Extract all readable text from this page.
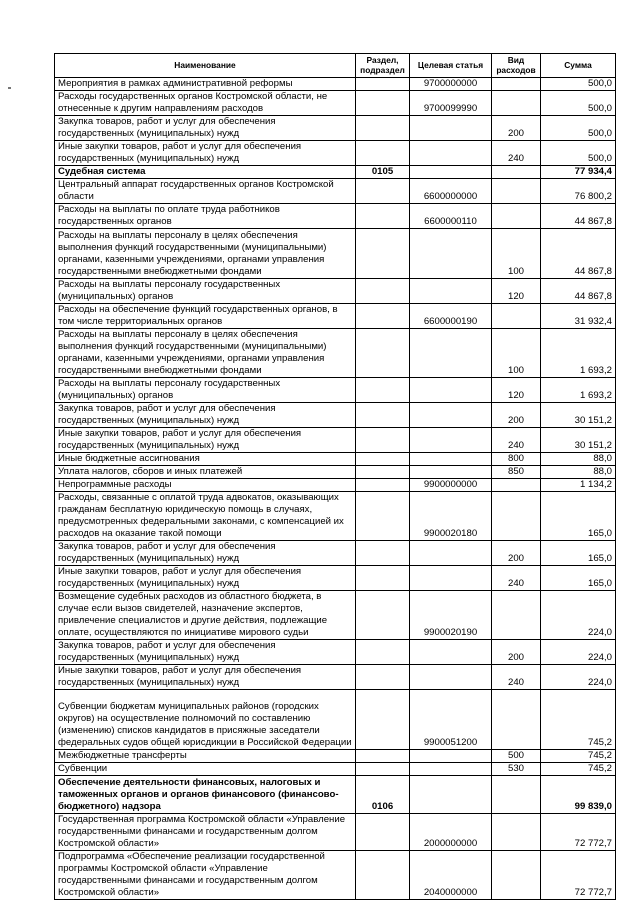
Наименование	Раздел, подраздел	Целевая статья	Вид расходов	Сумма
Мероприятия в рамках административной реформы		9700000000		500,0
Расходы государственных органов Костромской области, не отнесенные к другим направлениям расходов		9700099990		500,0
Закупка товаров, работ и услуг для обеспечения государственных (муниципальных) нужд			200	500,0
Иные закупки товаров, работ и услуг для обеспечения государственных (муниципальных) нужд			240	500,0
Судебная система	0105			77 934,4
Центральный аппарат государственных органов Костромской области		6600000000		76 800,2
Расходы на выплаты по оплате труда работников государственных органов		6600000110		44 867,8
Расходы на выплаты персоналу в целях обеспечения выполнения функций государственными (муниципальными) органами, казенными учреждениями, органами управления государственными внебюджетными фондами			100	44 867,8
Расходы на выплаты персоналу государственных (муниципальных) органов			120	44 867,8
Расходы на обеспечение функций государственных органов, в том числе территориальных органов		6600000190		31 932,4
Расходы на выплаты персоналу в целях обеспечения выполнения функций государственными (муниципальными) органами, казенными учреждениями, органами управления государственными внебюджетными фондами			100	1 693,2
Расходы на выплаты персоналу государственных (муниципальных) органов			120	1 693,2
Закупка товаров, работ и услуг для обеспечения государственных (муниципальных) нужд			200	30 151,2
Иные закупки товаров, работ и услуг для обеспечения государственных (муниципальных) нужд			240	30 151,2
Иные бюджетные ассигнования			800	88,0
Уплата налогов, сборов и иных платежей			850	88,0
Непрограммные расходы		9900000000		1 134,2
Расходы, связанные с оплатой труда адвокатов, оказывающих гражданам бесплатную юридическую помощь в случаях, предусмотренных федеральными законами, с компенсацией их расходов на оказание такой помощи		9900020180		165,0
Закупка товаров, работ и услуг для обеспечения государственных (муниципальных) нужд			200	165,0
Иные закупки товаров, работ и услуг для обеспечения государственных (муниципальных) нужд			240	165,0
Возмещение судебных расходов из областного бюджета, в случае если вызов свидетелей, назначение экспертов, привлечение специалистов и другие действия, подлежащие оплате, осуществляются по инициативе мирового судьи		9900020190		224,0
Закупка товаров, работ и услуг для обеспечения государственных (муниципальных) нужд			200	224,0
Иные закупки товаров, работ и услуг для обеспечения государственных (муниципальных) нужд			240	224,0
Субвенции бюджетам муниципальных районов (городских округов) на осуществление полномочий по составлению (изменению) списков кандидатов в присяжные заседатели федеральных судов общей юрисдикции в Российской Федерации		9900051200		745,2
Межбюджетные трансферты			500	745,2
Субвенции			530	745,2
Обеспечение деятельности финансовых, налоговых и таможенных органов и органов финансового (финансово-бюджетного) надзора	0106			99 839,0
Государственная программа Костромской области «Управление государственными финансами и государственным долгом Костромской области»		2000000000		72 772,7
Подпрограмма «Обеспечение реализации государственной программы Костромской области «Управление государственными финансами и государственным долгом Костромской области»		2040000000		72 772,7
